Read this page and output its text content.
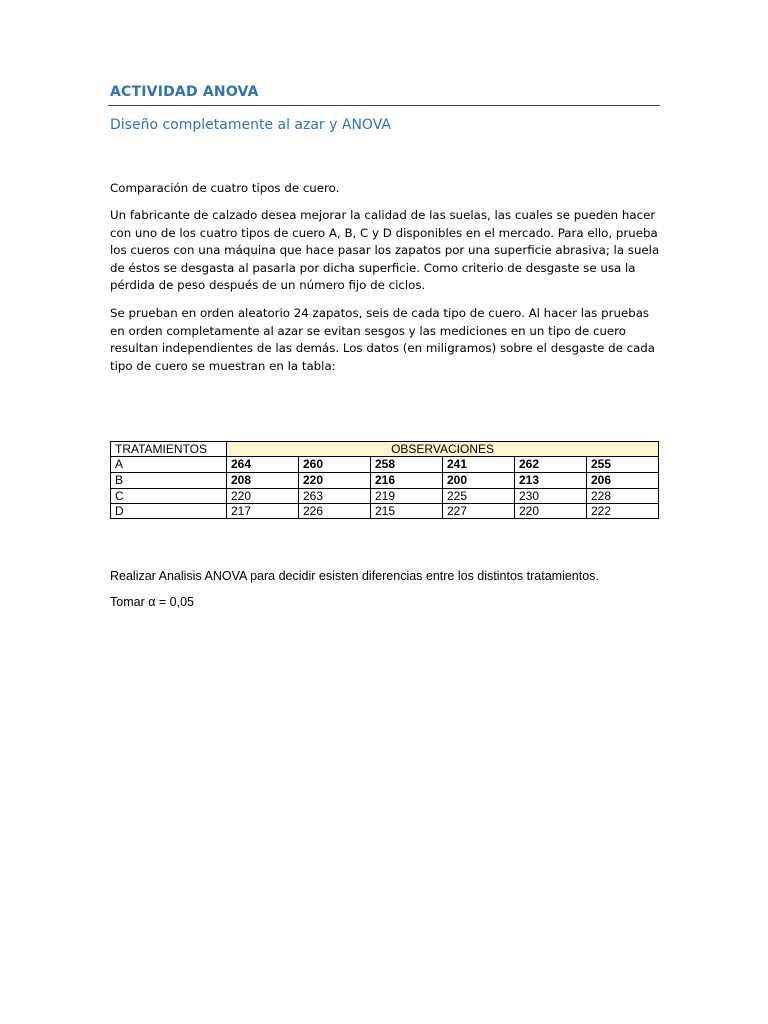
ACTIVIDAD ANOVA
Diseño completamente al azar y ANOVA
Comparación de cuatro tipos de cuero.
Un fabricante de calzado desea mejorar la calidad de las suelas, las cuales se pueden hacer con uno de los cuatro tipos de cuero A, B, C y D disponibles en el mercado. Para ello, prueba los cueros con una máquina que hace pasar los zapatos por una superficie abrasiva; la suela de éstos se desgasta al pasarla por dicha superficie. Como criterio de desgaste se usa la pérdida de peso después de un número fijo de ciclos.
Se prueban en orden aleatorio 24 zapatos, seis de cada tipo de cuero. Al hacer las pruebas en orden completamente al azar se evitan sesgos y las mediciones en un tipo de cuero resultan independientes de las demás. Los datos (en miligramos) sobre el desgaste de cada tipo de cuero se muestran en la tabla:
TRATAMIENTOS	OBSERVACIONES					
A	264	260	258	241	262	255
B	208	220	216	200	213	206
C	220	263	219	225	230	228
D	217	226	215	227	220	222
Realizar Analisis ANOVA para decidir esisten diferencias entre los distintos tratamientos.
Tomar α = 0,05
